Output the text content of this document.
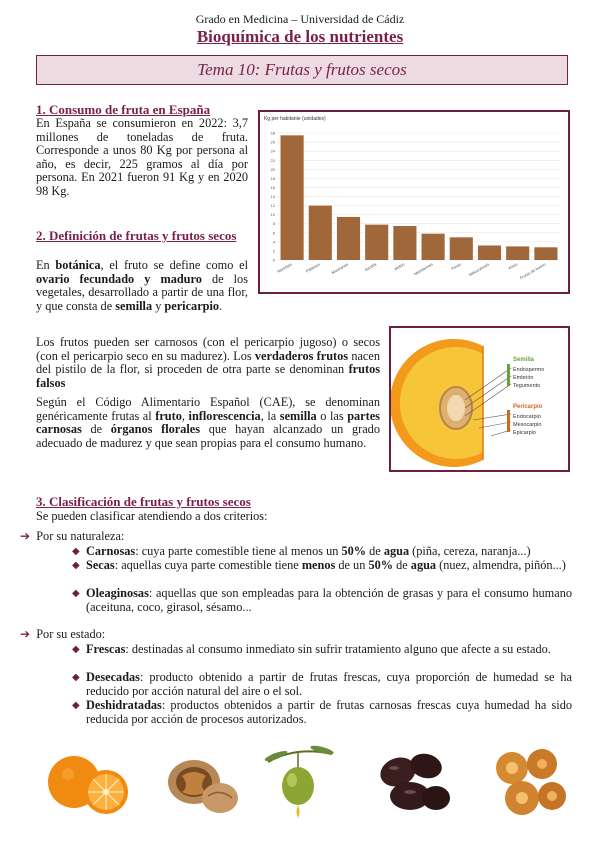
Grado en Medicina – Universidad de Cádiz
Bioquímica de los nutrientes
Tema 10: Frutas y frutos secos
1. Consumo de fruta en España
En España se consumieron en 2022: 3,7 millones de toneladas de fruta. Corresponde a unos 80 Kg por persona al año, es decir, 225 gramos al día por persona. En 2021 fueron 91 Kg y en 2020 98 Kg.
Kg per habitante (unidades)
0
2
4
6
8
10
12
14
16
18
20
22
24
26
28
Naranjas	Plátanos Manzanas	Sandía	Melón Mandarinas	Peras Melocotones	Kiwis Frutas de hueso
2. Definición de frutas y frutos secos
En botánica, el fruto se define como el ovario fecundado y maduro de los vegetales, desarrollado a partir de una flor, y que consta de semilla y pericarpio.
Los frutos pueden ser carnosos (con el pericarpio jugoso) o secos (con el pericarpio seco en su madurez). Los verdaderos frutos nacen del pistilo de la flor, si proceden de otra parte se denominan frutos falsos
Según el Código Alimentario Español (CAE), se denominan genéricamente frutas al fruto, inflorescencia, la semilla o las partes carnosas de órganos florales que hayan alcanzado un grado adecuado de madurez y que sean propias para el consumo humano.
Semilla
Endospermo
Embrión
Tegumento
Pericarpio
Endocarpio
Mesocarpio
Epicarpio
3. Clasificación de frutas y frutos secos
Se pueden clasificar atendiendo a dos criterios:
➔ Por su naturaleza:
◆ Carnosas: cuya parte comestible tiene al menos un 50% de agua (piña, cereza, naranja...)
◆ Secas: aquellas cuya parte comestible tiene menos de un 50% de agua (nuez, almendra, piñón...)
◆ Oleaginosas: aquellas que son empleadas para la obtención de grasas y para el consumo humano (aceituna, coco, girasol, sésamo...
➔ Por su estado:
◆ Frescas: destinadas al consumo inmediato sin sufrir tratamiento alguno que afecte a su estado.
◆ Desecadas: producto obtenido a partir de frutas frescas, cuya proporción de humedad se ha reducido por acción natural del aire o el sol.
◆ Deshidratadas: productos obtenidos a partir de frutas carnosas frescas cuya humedad ha sido reducida por acción de procesos autorizados.
